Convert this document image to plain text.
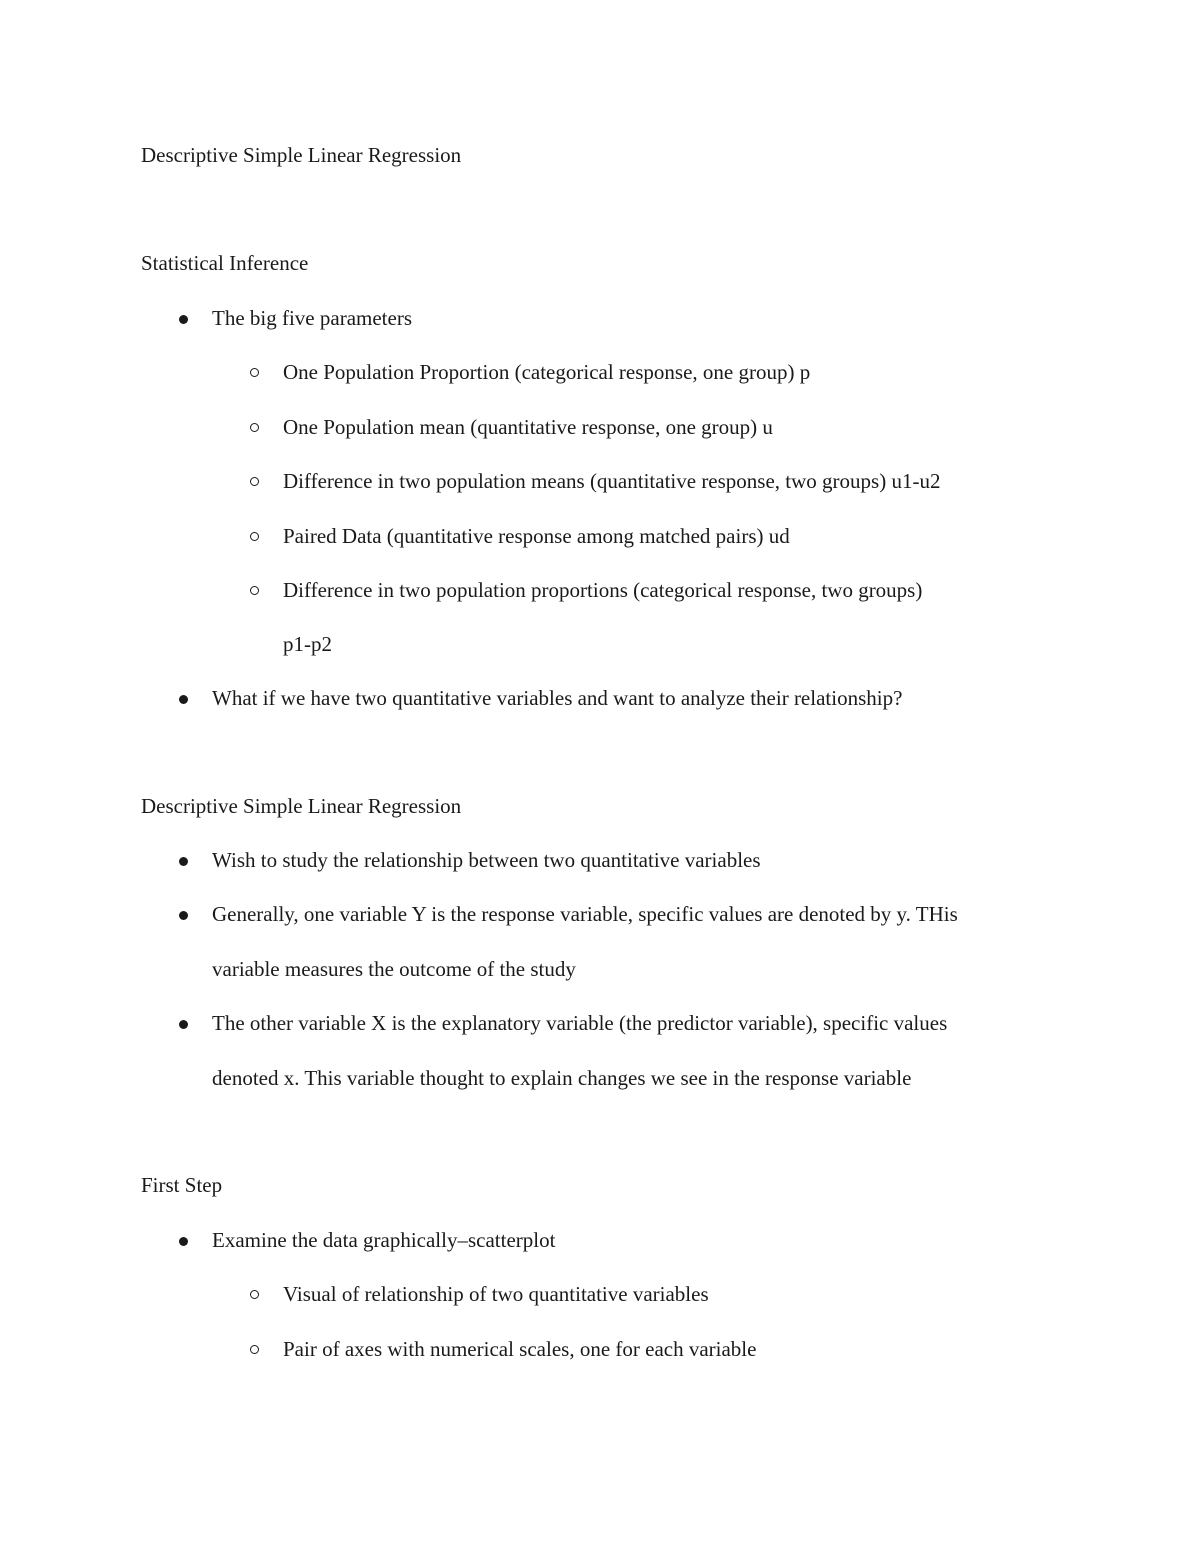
Descriptive Simple Linear Regression
Statistical Inference
The big five parameters
One Population Proportion (categorical response, one group) p
One Population mean (quantitative response, one group) u
Difference in two population means (quantitative response, two groups) u1-u2
Paired Data (quantitative response among matched pairs) ud
Difference in two population proportions (categorical response, two groups)
p1-p2
What if we have two quantitative variables and want to analyze their relationship?
Descriptive Simple Linear Regression
Wish to study the relationship between two quantitative variables
Generally, one variable Y is the response variable, specific values are denoted by y. THis
variable measures the outcome of the study
The other variable X is the explanatory variable (the predictor variable), specific values
denoted x. This variable thought to explain changes we see in the response variable
First Step
Examine the data graphically–scatterplot
Visual of relationship of two quantitative variables
Pair of axes with numerical scales, one for each variable
